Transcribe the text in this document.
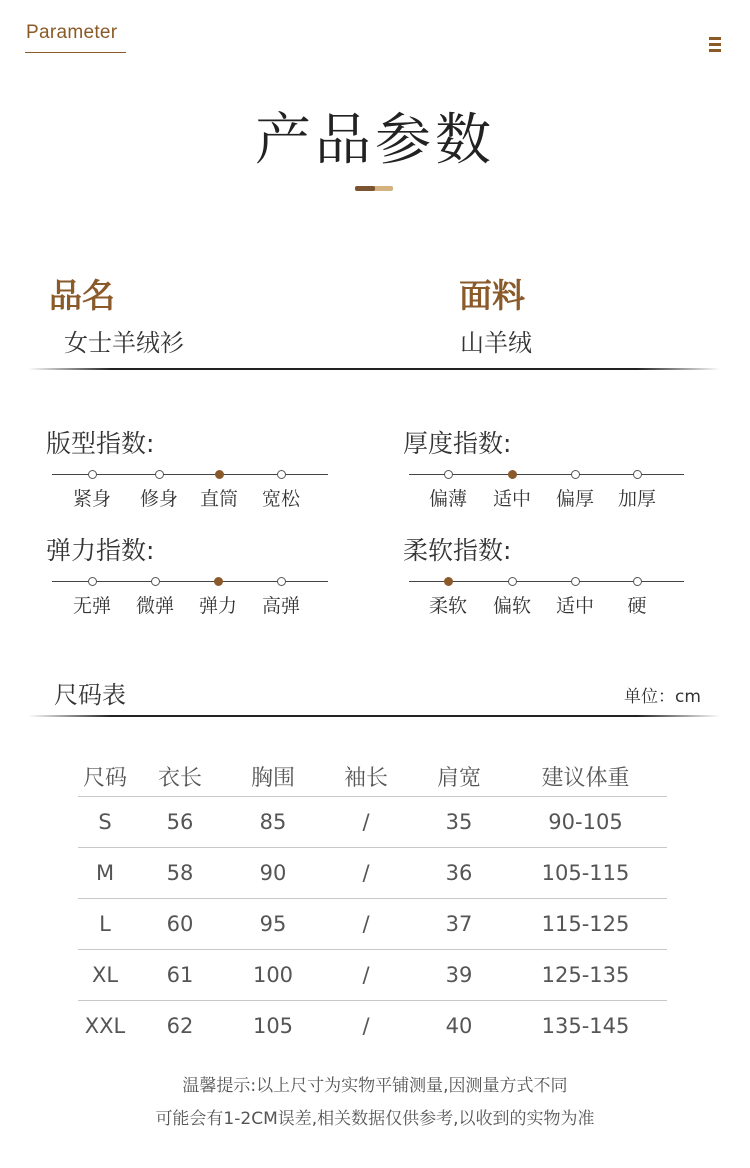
Parameter
产品参数
品名
女士羊绒衫
面料
山羊绒
版型指数:
紧身 修身 直筒 宽松
厚度指数:
偏薄 适中 偏厚 加厚
弹力指数:
无弹 微弹 弹力 高弹
柔软指数:
柔软 偏软 适中 硬
尺码表	单位：cm
尺码	衣长	胸围	袖长	肩宽	建议体重
S	56	85	/	35	90-105
M	58	90	/	36	105-115
L	60	95	/	37	115-125
XL	61	100	/	39	125-135
XXL	62	105	/	40	135-145
温馨提示:以上尺寸为实物平铺测量,因测量方式不同
可能会有1-2CM误差,相关数据仅供参考,以收到的实物为准
